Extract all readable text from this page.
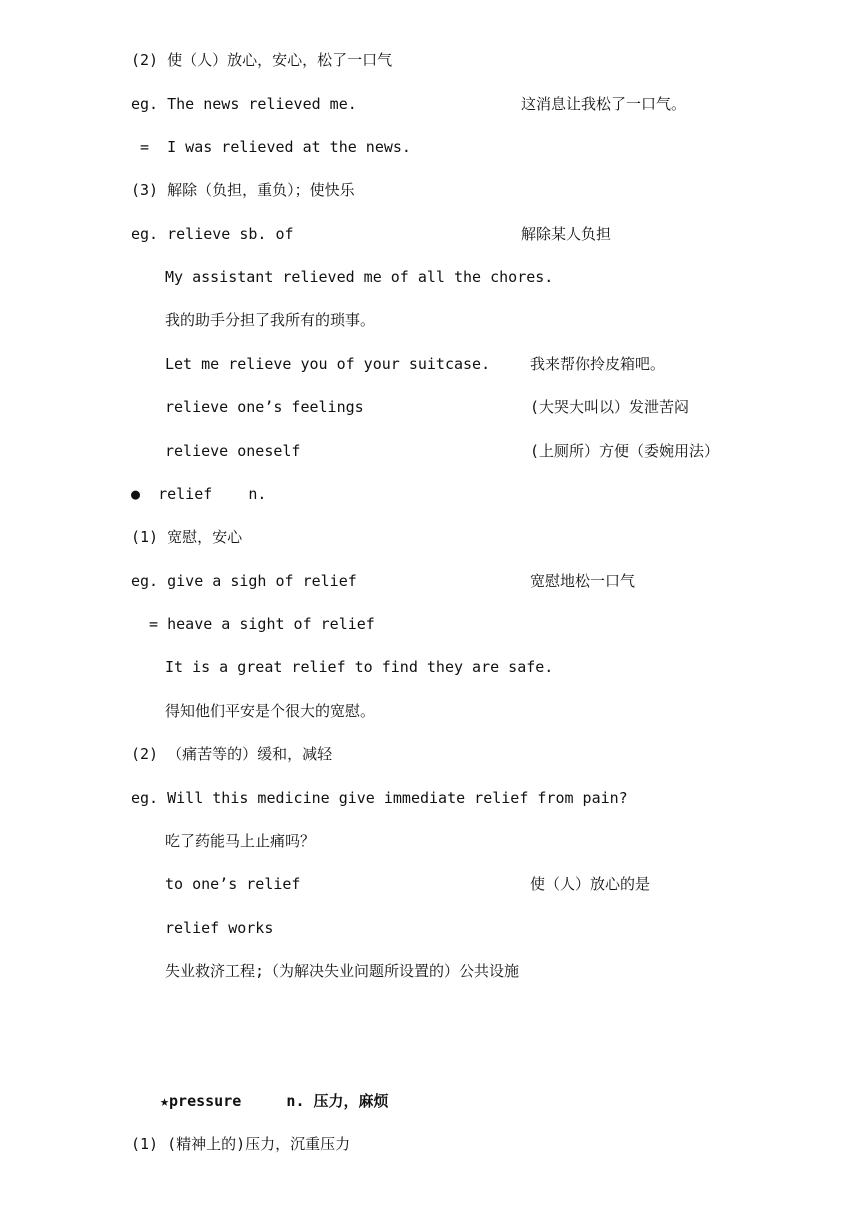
(2) 使（人）放心，安心，松了一口气
eg. The news relieved me.	这消息让我松了一口气。
=  I was relieved at the news.
(3) 解除（负担，重负）；使快乐
eg. relieve sb. of	解除某人负担
My assistant relieved me of all the chores.
我的助手分担了我所有的琐事。
Let me relieve you of your suitcase.	我来帮你拎皮箱吧。
relieve one’s feelings	(大哭大叫以）发泄苦闷
relieve oneself	(上厕所）方便（委婉用法）
●  relief    n.
(1) 宽慰，安心
eg. give a sigh of relief	宽慰地松一口气
= heave a sight of relief
It is a great relief to find they are safe.
得知他们平安是个很大的宽慰。
(2) （痛苦等的）缓和，减轻
eg. Will this medicine give immediate relief from pain?
吃了药能马上止痛吗？
to one’s relief	使（人）放心的是
relief works
失业救济工程;（为解决失业问题所设置的）公共设施
★pressure     n. 压力，麻烦
(1) (精神上的)压力，沉重压力
